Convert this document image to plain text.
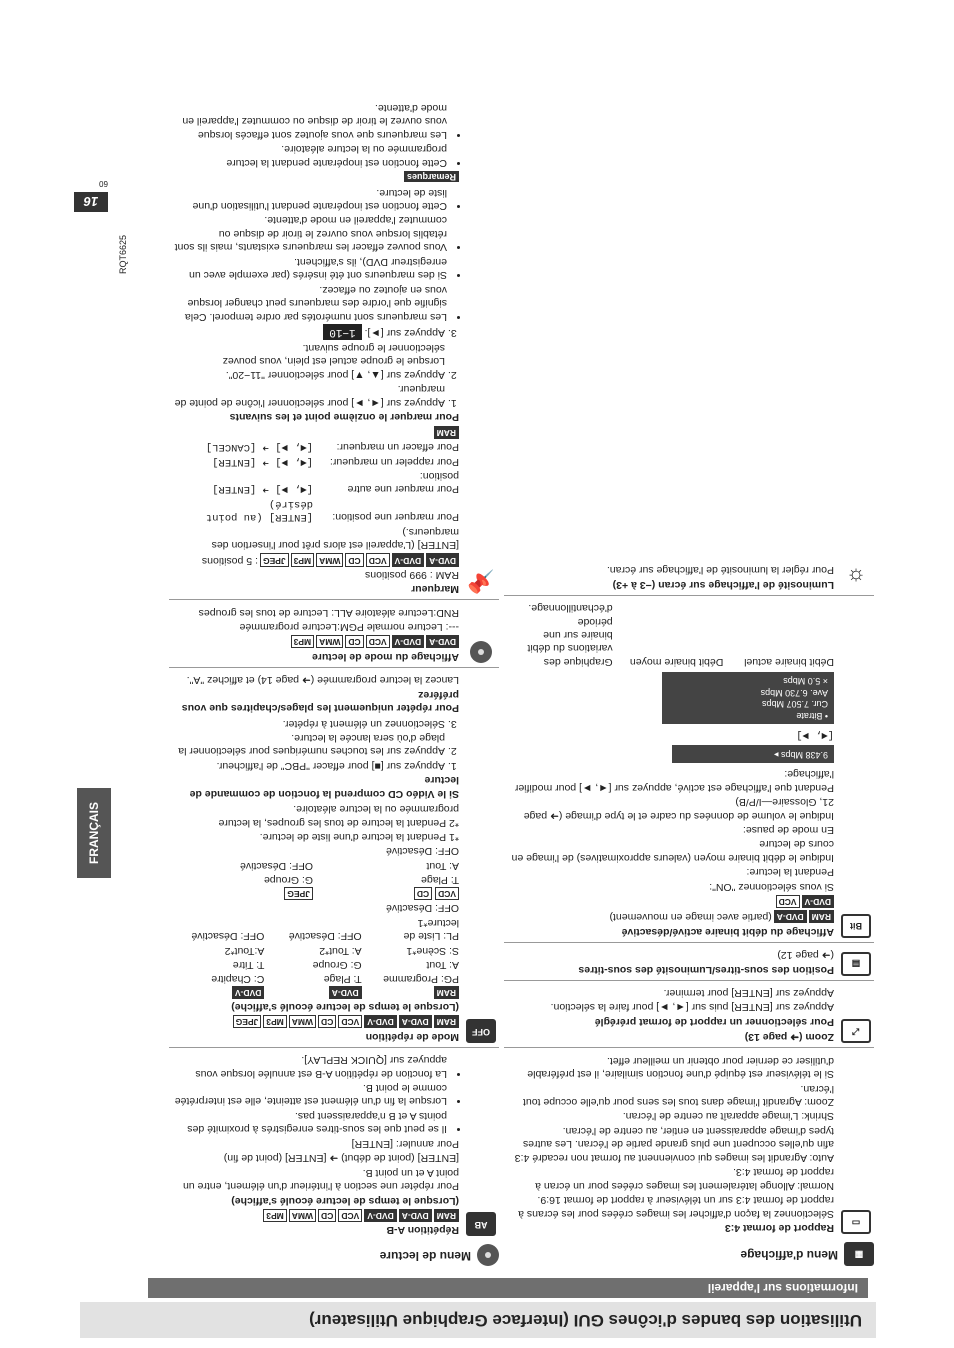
Utilisation des bandes d'icônes GUI (Interface Graphique Utilisateur)
Informations sur l'appareil
▦
Menu d'affichage
▭
Rapport de format 4:3

Sélectionnez la façon d'afficher les images créées pour les écrans à rapport de format 4:3 sur un téléviseur à rapport de format 16:9.

Normal: Allonge latéralement les images créées pour un écran à rapport de format 4:3.

Auto: Agrandit les images qui conviennent au format non recadré 4:3 afin qu'elles occupent une plus grande partie de l'écran. Les autres types d'image apparaissent en entier, au centre de l'écran.

Shrink: L'image apparaît au centre de l'écran.

Zoom: Agrandit l'image dans tous les sens pour qu'elle occupe tout l'écran.

Si le téléviseur est équipé d'une fonction similaire, il est préférable d'utiliser ce dernier pour obtenir un meilleur effet.

⤢
Zoom (➜ page 13)
Pour sélectionner un rapport de format préréglé

Appuyez sur [ENTER] puis sur [◄, ►] pour faire la sélection.

Appuyez sur [ENTER] pour terminer.

▤
Position des sous-titres/Luminosité des sous-titres

(➜ page 12)

Bit
Affichage du débit binaire activé/désactivé
RAM
DVD-A
(partie avec image en mouvement)
DVD-V
VCD

Si vous sélectionnez "ON":

Pendant la lecture:

Indique le débit binaire moyen (valeurs approximatives) de l'image en cours de lecture

En mode de pause:

Indique le volume de données du cadre et le type d'image (➜ page 21, Glossaire—I/P/B)

Pendant que l'affichage est activé, appuyez sur [◄, ►] pour modifier l'affichage:

9.438 Mbps ▸

[◄, ►]

• Bitrate
Cur. 7.507 Mbps
Ave. 6.730 Mbps
× 5.0 Mbps

Débit binaire actuel

Débit binaire moyen

Graphique des variations du débit binaire sur une période d'échantillonnage.

☼
Luminosité de l'affichage sur écran (−3 à +3)

Pour régler la luminosité de l'affichage sur écran.

Menu de lecture
AB
Répétition A-B
RAM
DVD-A
DVD-V
VCD
CD
WMA
MP3
(Lorsque le temps de lecture écoulé s'affiche)

Pour répéter une section à l'intérieur d'un élément, entre un point A et un point B.

[ENTER] (point de début) ➜ [ENTER] (point de fin)

Pour annuler: [ENTER]

• Il se peut que les sous-titres enregistrés à proximité des points A et B n'apparaissent pas.
• Lorsque la fin d'un élément est atteinte, elle est interprétée comme le point B.
• La fonction de répétition A-B est annulée lorsque vous appuyez sur [QUICK REPLAY].
OFF
Mode de répétition
RAM
DVD-A
DVD-V
VCD
CD
WMA
MP3
JPEG
(Lorsque le temps de lecture écoulé s'affiche)
RAM

PG: Programme

A: Tout

S: Scène*1

PL: Liste de lecture*1

OFF: Désactivé

DVD-A

T: Plage

G: Groupe

A: Tout*2

OFF: Désactivé

DVD-V

C: Chapitre

T: Titre

A:Tout*2

OFF: Désactivé

VCD CD

T: Plage

A: Tout

OFF: Désactivé

JPEG

G: Groupe

OFF: Désactivé

*1 Pendant la lecture d'une liste de lecture.

*2 Pendant la lecture de tous les groupes, la lecture programmée ou la lecture aléatoire.

Si le Vidéo CD comprend la fonction de commande de lecture
1. Appuyez sur [■] pour effacer "PBC" de l'afficheur.
2. Appuyez sur les touches numériques pour sélectionner la plage d'où sera lancée la lecture.
3. Sélectionnez un élément à répéter.
Pour répéter uniquement les plages/chapitres que vous préférez

Lancez la lecture programmée (➜ page 14) et affichez "A".

Affichage du mode de lecture
DVD-A
DVD-V
VCD
CD
WMA
MP3

---: Lecture normale PGM:Lecture programmée

RND:Lecture aléatoire ALL: Lecture de tous les groupes

📌
Marqueur

RAM : 999 positions

DVD-A
DVD-V
VCD
CD
WMA
MP3
JPEG
: 5 positions

[ENTER] (L'appareil est alors prêt pour l'insertion des marqueurs.)

Pour marquer une position:

[ENTER] (au point désiré)

Pour marquer une autre position:

[◄, ►] ➜ [ENTER]

Pour rappeler un marqueur:

[◄, ►] ➜ [ENTER]

Pour effacer un marqueur:

[◄, ►] ➜ [CANCEL]

RAM
Pour marquer le onzième point et les suivants
1. Appuyez sur [◄, ►] pour sélectionner l'icône de pointe de marqueur.
2. Appuyez sur [▲, ▼] pour sélectionner "11−20".
Lorsque le groupe actuel est plein, vous pouvez sélectionner le groupe suivant.
3. Appuyez sur [►]. 1−10
• Les marqueurs sont numérotés par ordre temporel. Cela signifie que l'ordre des marqueurs peut changer lorsque vous en ajoutez ou effacez.
• Si des marqueurs ont été insérés (par exemple avec un enregistreur DVD), ils s'affichent.
• Vous pouvez effacer les marqueurs existants, mais ils sont rétablis lorsque vous ouvrez le tiroir de disque ou commutez l'appareil en mode d'attente.
• Cette fonction est inopérante pendant l'utilisation d'une liste de lecture.
Remarques
• Cette fonction est inopérante pendant la lecture programmée ou la lecture aléatoire.
• Les marqueurs que vous ajoutez sont effacés lorsque vous ouvrez le tiroir de disque ou commutez l'appareil en mode d'attente.
FRANÇAIS
16
60
RQT6625
